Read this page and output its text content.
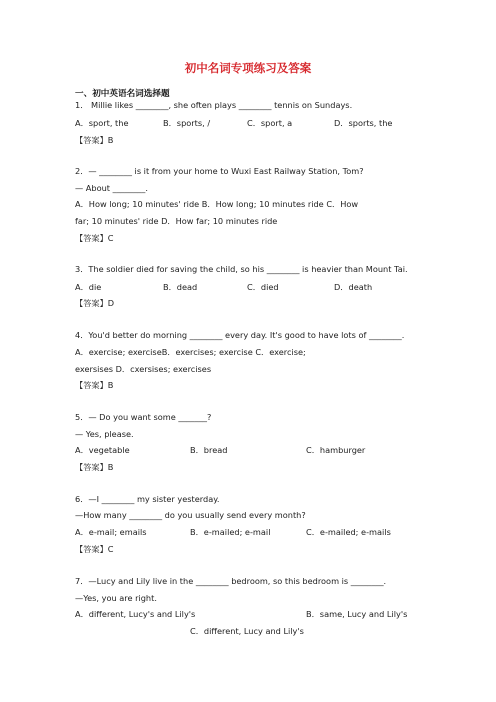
初中名词专项练习及答案
一、初中英语名词选择题
1． Millie likes ________, she often plays ________ tennis on Sundays.
A．sport, the	B．sports, /	C．sport, a	D．sports, the
【答案】B
2．— ________ is it from your home to Wuxi East Railway Station, Tom?
— About ________.
A．How long; 10 minutes' ride B．How long; 10 minutes ride C．How
far; 10 minutes' ride D．How far; 10 minutes ride
【答案】C
3．The soldier died for saving the child, so his ________ is heavier than Mount Tai.
A．die	B．dead	C．died	D．death
【答案】D
4．You'd better do morning ________ every day. It's good to have lots of ________.
A．exercise; exerciseB．exercises; exercise C．exercise;
exersises D．cxersises; exercises
【答案】B
5．— Do you want some _______?
— Yes, please.
A．vegetable	B．bread	C．hamburger
【答案】B
6．—I ________ my sister yesterday.
—How many ________ do you usually send every month?
A．e-mail; emails	B．e-mailed; e-mail	C．e-mailed; e-mails
【答案】C
7．—Lucy and Lily live in the ________ bedroom, so this bedroom is ________.
—Yes, you are right.
A．different, Lucy's and Lily's	B．same, Lucy and Lily's
C．different, Lucy and Lily's
